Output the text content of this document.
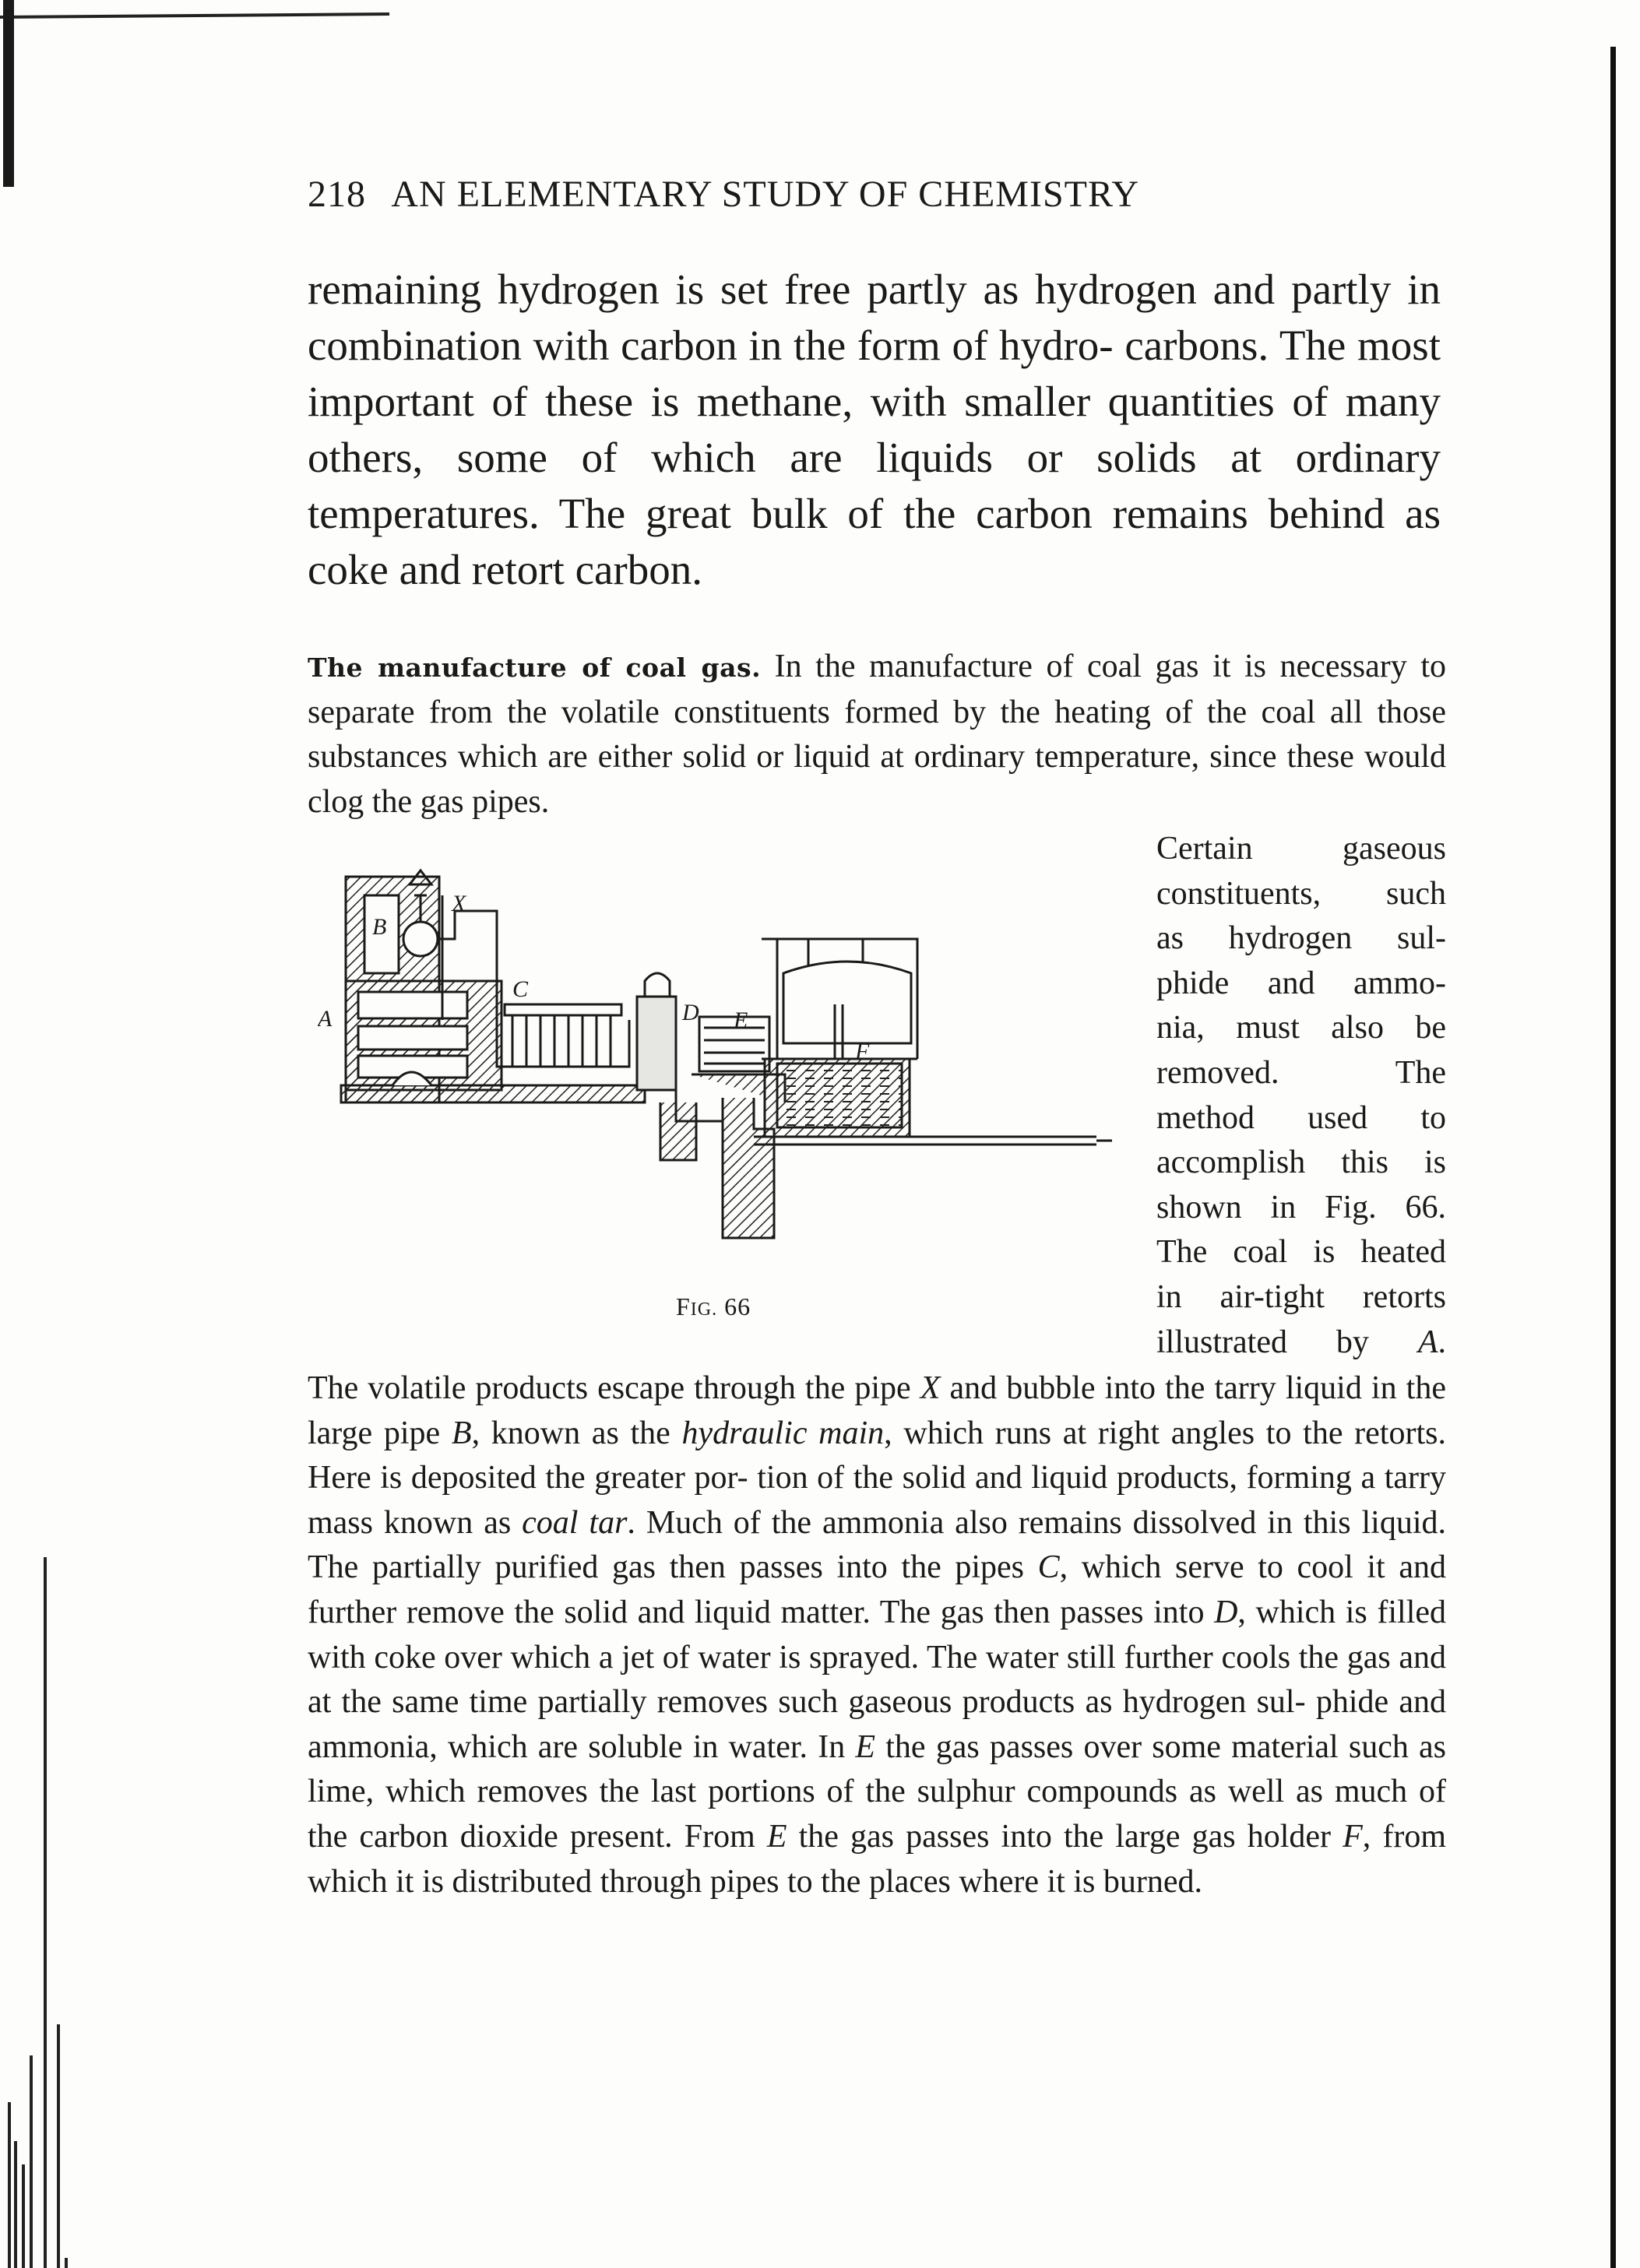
218 AN ELEMENTARY STUDY OF CHEMISTRY
remaining hydrogen is set free partly as hydrogen and partly in combination with carbon in the form of hydro- carbons. The most important of these is methane, with smaller quantities of many others, some of which are liquids or solids at ordinary temperatures. The great bulk of the carbon remains behind as coke and retort carbon.
The manufacture of coal gas. In the manufacture of coal gas it is necessary to separate from the volatile constituents formed by the heating of the coal all those substances which are either solid or liquid at ordinary temperature, since these would clog the gas pipes.
Certain gaseous
constituents, such
as hydrogen sul-
phide and ammo-
nia, must also be
removed. The
method used to
accomplish this is
shown in Fig. 66.
The coal is heated
in air-tight retorts
illustrated by A.
B
X
C
A	D E
F
FIG. 66
The volatile products escape through the pipe X and bubble into the tarry liquid in the large pipe B, known as the hydraulic main, which runs at right angles to the retorts. Here is deposited the greater por- tion of the solid and liquid products, forming a tarry mass known as coal tar. Much of the ammonia also remains dissolved in this liquid. The partially purified gas then passes into the pipes C, which serve to cool it and further remove the solid and liquid matter. The gas then passes into D, which is filled with coke over which a jet of water is sprayed. The water still further cools the gas and at the same time partially removes such gaseous products as hydrogen sul- phide and ammonia, which are soluble in water. In E the gas passes over some material such as lime, which removes the last portions of the sulphur compounds as well as much of the carbon dioxide present. From E the gas passes into the large gas holder F, from which it is distributed through pipes to the places where it is burned.
